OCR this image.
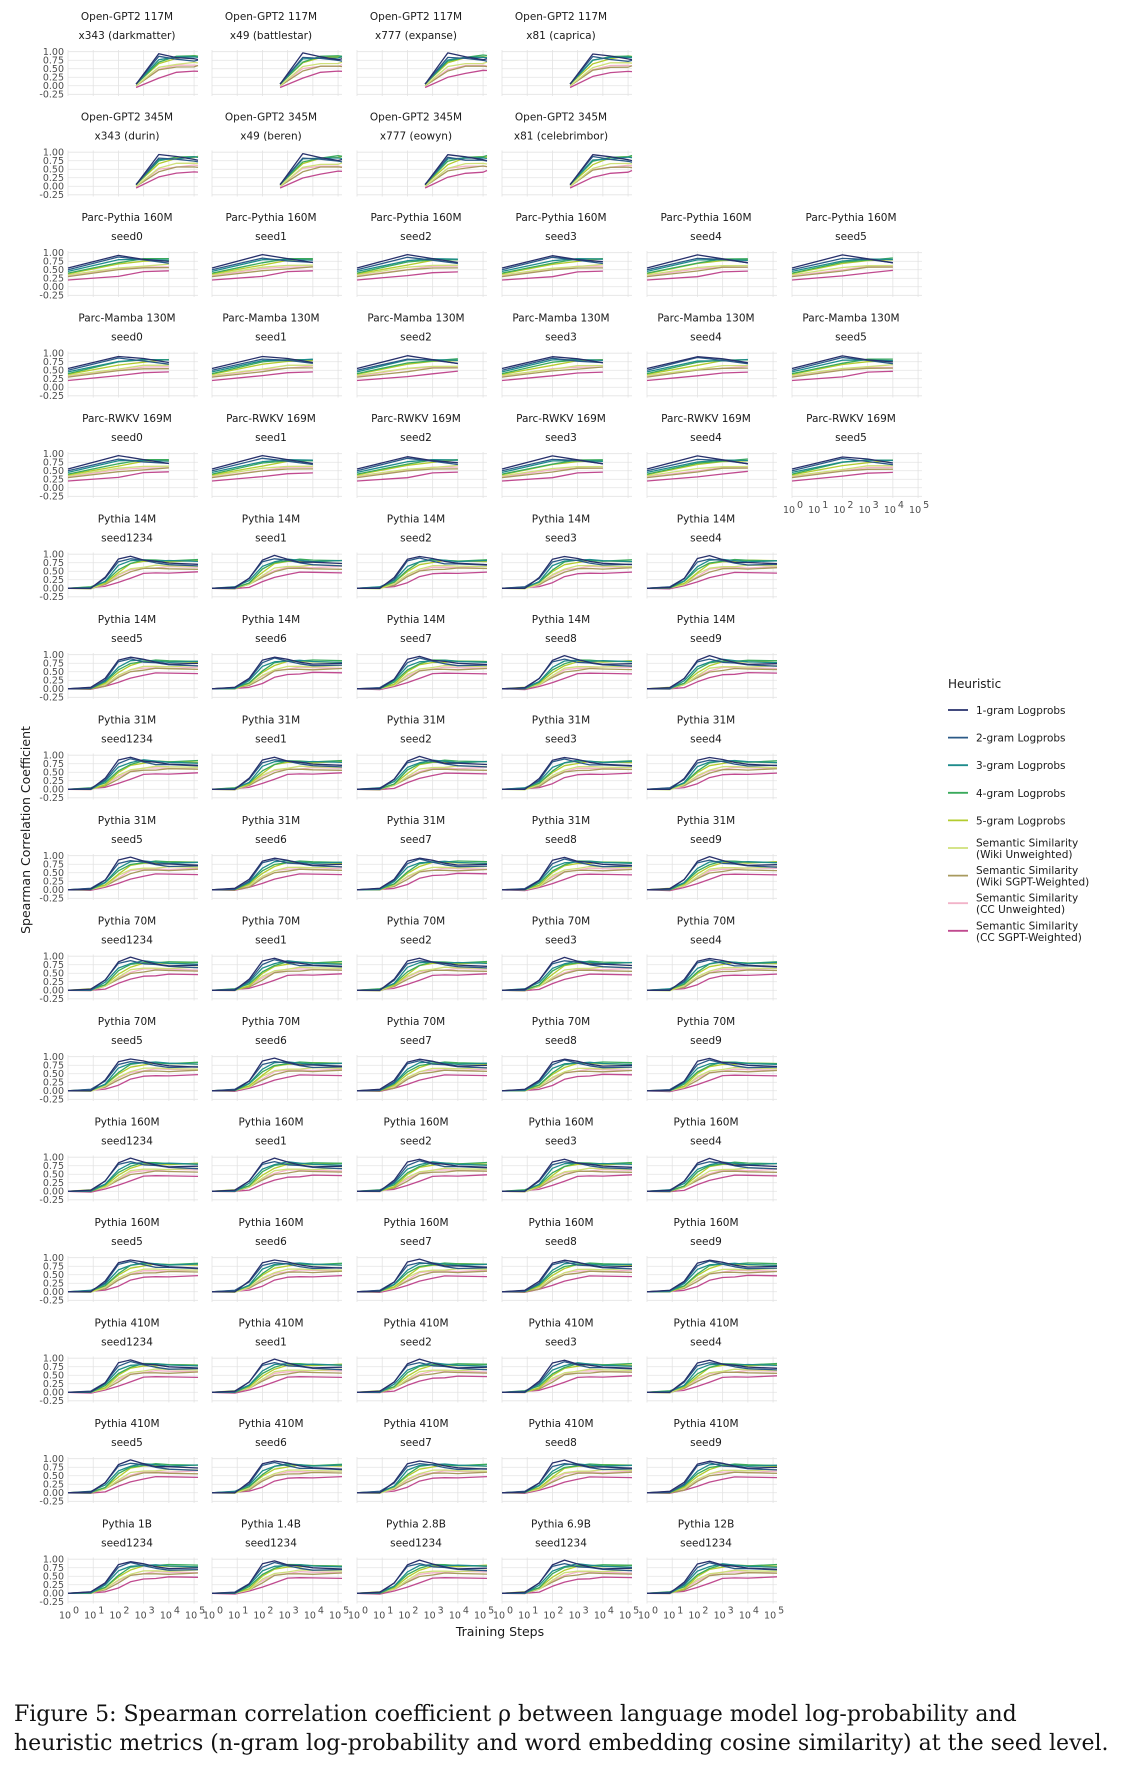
Open-GPT2 117M
x343 (darkmatter)
1.00
0.75
0.50
0.25
0.00
-0.25
Open-GPT2 117M
x49 (battlestar)
Open-GPT2 117M
x777 (expanse)
Open-GPT2 117M
x81 (caprica)
Open-GPT2 345M
x343 (durin)
1.00
0.75
0.50
0.25
0.00
-0.25
Open-GPT2 345M
x49 (beren)
Open-GPT2 345M
x777 (eowyn)
Open-GPT2 345M
x81 (celebrimbor)
Parc-Pythia 160M
seed0
1.00
0.75
0.50
0.25
0.00
-0.25
Parc-Pythia 160M
seed1
Parc-Pythia 160M
seed2
Parc-Pythia 160M
seed3
Parc-Pythia 160M
seed4
Parc-Pythia 160M
seed5
Parc-Mamba 130M
seed0
1.00
0.75
0.50
0.25
0.00
-0.25
Parc-Mamba 130M
seed1
Parc-Mamba 130M
seed2
Parc-Mamba 130M
seed3
Parc-Mamba 130M
seed4
Parc-Mamba 130M
seed5
Parc-RWKV 169M
seed0
1.00
0.75
0.50
0.25
0.00
-0.25
Parc-RWKV 169M
seed1
Parc-RWKV 169M
seed2
Parc-RWKV 169M
seed3
Parc-RWKV 169M
seed4
Parc-RWKV 169M
seed5
10 0 10 1 10 2 10 3 10 4 10 5
Pythia 14M
seed1234
1.00
0.75
0.50
0.25
0.00
-0.25
Pythia 14M
seed1
Pythia 14M
seed2
Pythia 14M
seed3
Pythia 14M
seed4
Pythia 14M
seed5
1.00
0.75
0.50
0.25
0.00
-0.25
Pythia 14M
seed6
Pythia 14M
seed7
Pythia 14M
seed8
Pythia 14M
seed9
Pythia 31M
seed1234
1.00
0.75
0.50
0.25
0.00
-0.25
Pythia 31M
seed1
Pythia 31M
seed2
Pythia 31M
seed3
Pythia 31M
seed4
Pythia 31M
seed5
1.00
0.75
0.50
0.25
0.00
-0.25
Pythia 31M
seed6
Pythia 31M
seed7
Pythia 31M
seed8
Pythia 31M
seed9
Pythia 70M
seed1234
1.00
0.75
0.50
0.25
0.00
-0.25
Pythia 70M
seed1
Pythia 70M
seed2
Pythia 70M
seed3
Pythia 70M
seed4
Pythia 70M
seed5
1.00
0.75
0.50
0.25
0.00
-0.25
Pythia 70M
seed6
Pythia 70M
seed7
Pythia 70M
seed8
Pythia 70M
seed9
Pythia 160M
seed1234
1.00
0.75
0.50
0.25
0.00
-0.25
Pythia 160M
seed1
Pythia 160M
seed2
Pythia 160M
seed3
Pythia 160M
seed4
Pythia 160M
seed5
1.00
0.75
0.50
0.25
0.00
-0.25
Pythia 160M
seed6
Pythia 160M
seed7
Pythia 160M
seed8
Pythia 160M
seed9
Pythia 410M
seed1234
1.00
0.75
0.50
0.25
0.00
-0.25
Pythia 410M
seed1
Pythia 410M
seed2
Pythia 410M
seed3
Pythia 410M
seed4
Pythia 410M
seed5
1.00
0.75
0.50
0.25
0.00
-0.25
Pythia 410M
seed6
Pythia 410M
seed7
Pythia 410M
seed8
Pythia 410M
seed9
Pythia 1B
seed1234
1.00
0.75
0.50
0.25
0.00
-0.25
10 0 10 1 10 2 10 3 10 4 10 5
Pythia 1.4B
seed1234
10 0 10 1 10 2 10 3 10 4 10 5
Pythia 2.8B
seed1234
10 0 10 1 10 2 10 3 10 4 10 5
Pythia 6.9B
seed1234
10 0 10 1 10 2 10 3 10 4 10 5
Pythia 12B
seed1234
10 0 10 1 10 2 10 3 10 4 10 5
Spearman Correlation Coefficient
Training Steps
Heuristic
1-gram Logprobs
2-gram Logprobs
3-gram Logprobs
4-gram Logprobs
5-gram Logprobs
Semantic Similarity
(Wiki Unweighted)
Semantic Similarity
(Wiki SGPT-Weighted)
Semantic Similarity
(CC Unweighted)
Semantic Similarity
(CC SGPT-Weighted)

Figure 5: Spearman correlation coefficient ρ between language model log-probability and heuristic metrics (n-gram log-probability and word embedding cosine similarity) at the seed level.
